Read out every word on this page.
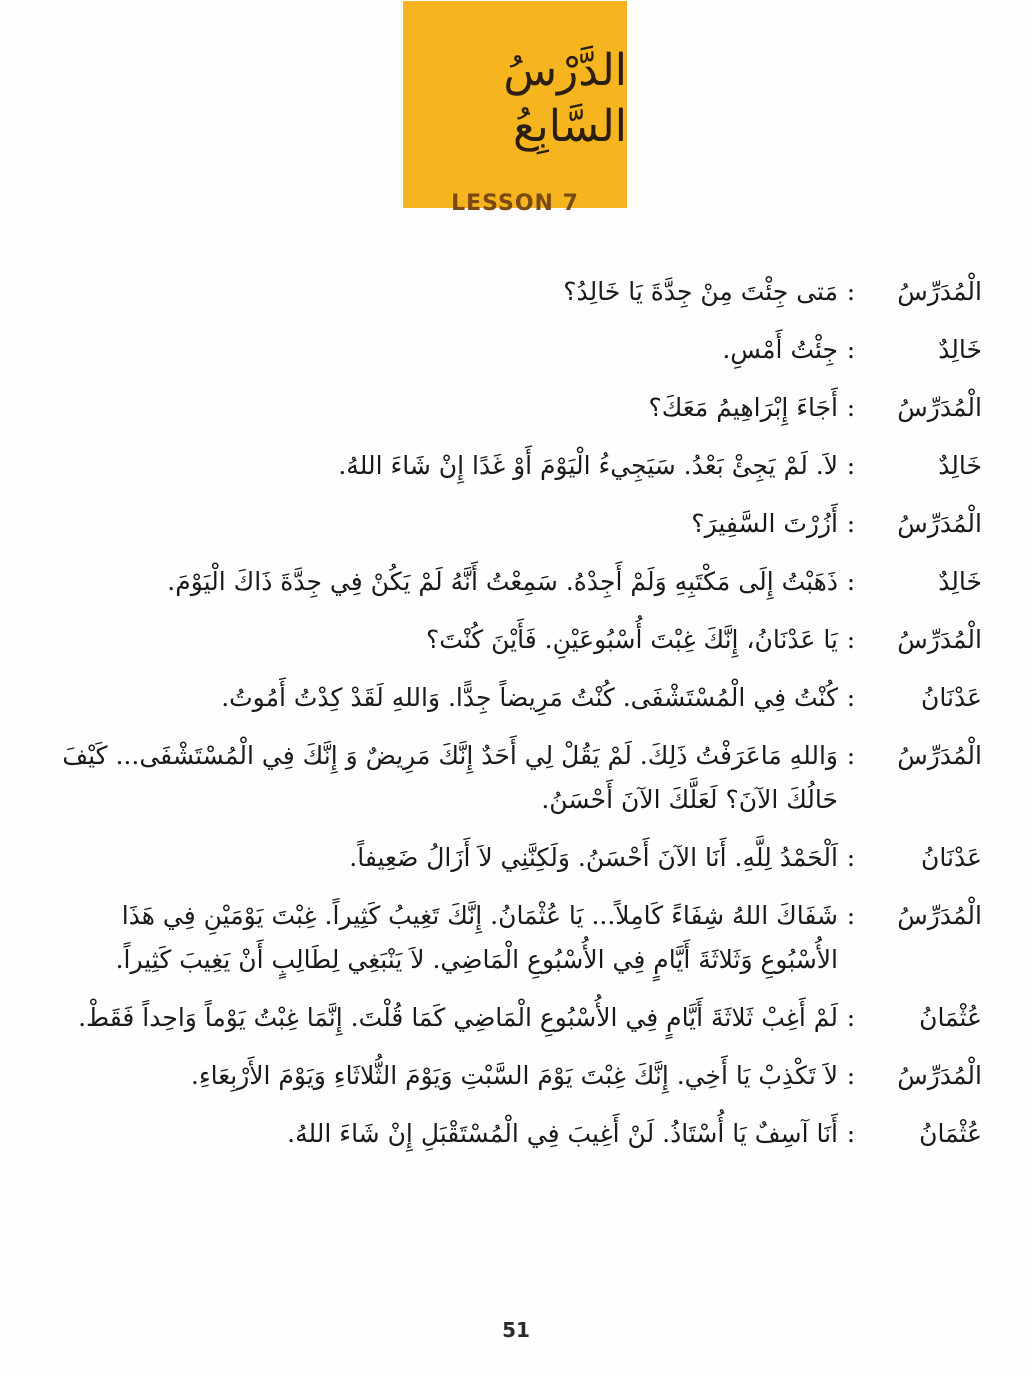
الدَّرْسُ السَّابِعُ
LESSON 7
الْمُدَرِّسُ
:
مَتى جِئْتَ مِنْ جِدَّةَ يَا خَالِدُ؟
خَالِدٌ
:
جِئْتُ أَمْسِ.
الْمُدَرِّسُ
:
أَجَاءَ إِبْرَاهِيمُ مَعَكَ؟
خَالِدٌ
:
لاَ. لَمْ يَجِئْ بَعْدُ. سَيَجِيءُ الْيَوْمَ أَوْ غَدًا إِنْ شَاءَ اللهُ.
الْمُدَرِّسُ
:
أَزُرْتَ السَّفِيرَ؟
خَالِدٌ
:
ذَهَبْتُ إِلَى مَكْتَبِهِ وَلَمْ أَجِدْهُ. سَمِعْتُ أَنَّهُ لَمْ يَكُنْ فِي جِدَّةَ ذَاكَ الْيَوْمَ.
الْمُدَرِّسُ
:
يَا عَدْنَانُ، إِنَّكَ غِبْتَ أُسْبُوعَيْنِ. فَأَيْنَ كُنْتَ؟
عَدْنَانُ
:
كُنْتُ فِي الْمُسْتَشْفَى. كُنْتُ مَرِيضاً جِدًّا. وَاللهِ لَقَدْ كِدْتُ أَمُوتُ.
الْمُدَرِّسُ
:
وَاللهِ مَاعَرَفْتُ ذَلِكَ. لَمْ يَقُلْ لِي أَحَدٌ إِنَّكَ مَرِيضٌ وَ إِنَّكَ فِي الْمُسْتَشْفَى... كَيْفَ حَالُكَ الآنَ؟ لَعَلَّكَ الآنَ أَحْسَنُ.
عَدْنَانُ
:
اَلْحَمْدُ لِلَّهِ. أَنَا الآنَ أَحْسَنُ. وَلَكِنَّنِي لاَ أَزَالُ ضَعِيفاً.
الْمُدَرِّسُ
:
شَفَاكَ اللهُ شِفَاءً كَامِلاً... يَا عُثْمَانُ. إِنَّكَ تَغِيبُ كَثِيراً. غِبْتَ يَوْمَيْنِ فِي هَذَا الأُسْبُوعِ وَثَلاثَةَ أَيَّامٍ فِي الأُسْبُوعِ الْمَاضِي. لاَ يَنْبَغِي لِطَالِبٍ أَنْ يَغِيبَ كَثِيراً.
عُثْمَانُ
:
لَمْ أَغِبْ ثَلاثَةَ أَيَّامٍ فِي الأُسْبُوعِ الْمَاضِي كَمَا قُلْتَ. إِنَّمَا غِبْتُ يَوْماً وَاحِداً فَقَطْ.
الْمُدَرِّسُ
:
لاَ تَكْذِبْ يَا أَخِي. إِنَّكَ غِبْتَ يَوْمَ السَّبْتِ وَيَوْمَ الثُّلاثَاءِ وَيَوْمَ الأَرْبِعَاءِ.
عُثْمَانُ
:
أَنَا آسِفٌ يَا أُسْتَاذُ. لَنْ أَغِيبَ فِي الْمُسْتَقْبَلِ إِنْ شَاءَ اللهُ.
51
